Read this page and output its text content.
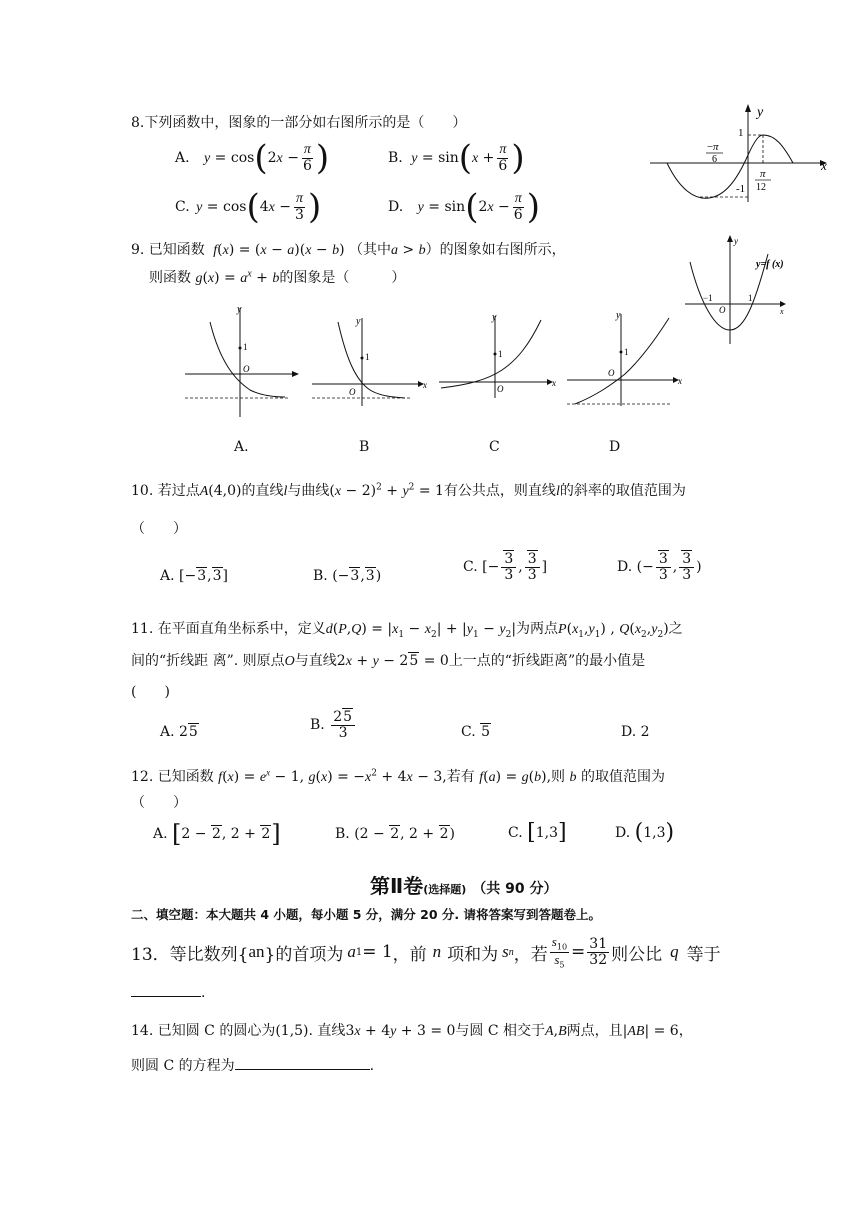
8.下列函数中，图象的一部分如右图所示的是（　　）
A. $y = \cos(2x - \frac{\pi}{6}$ )	B. $y = \sin(x + \frac{\pi}{6}$ )
C. $y = \cos(4x - \frac{\pi}{3}$ )	D. $y = \sin(2x - \frac{\pi}{6}$ )
x
y
1
-1
− π
6
π
12
9. 已知函数 f(x) = (x − a)(x − b) （其中a > b）的图象如右图所示，
则函数 $g(x) = a^x + b$的图象是（　　　）
y=f (x)
−1	1
O
y
x
y
1
O
x
y
1
O
x
y
1
O
x
y
1
O
A.	B	C	D
10. 若过点A(4,0)的直线l与曲线$(x - 2)^2 + y^2 = 1$有公共点，则直线l的斜率的取值范围为
（　　）
A. [−3,3]	B. (−3,3)
C. [− $\frac{3}{3}$ , $\frac{3}{3}$ ]	D. (− $\frac{3}{3}$ , $\frac{3}{3}$ )
11. 在平面直角坐标系中，定义$d(P,Q) = |x_1 - x_2| + |y_1 - y_2|$为两点$P(x_1,y_1)$ , $Q(x_2,y_2)$之
间的“折线距 离”. 则原点O与直线2x + y − 25 = 0上一点的“折线距离”的最小值是
(　　)
A. 25	B. $\frac{25}{3}$	C. 5	D. 2
12. 已知函数 $f(x) = e^x - 1$, $g(x) = -x^2 + 4x - 3$,若有 f(a) = g(b),则 b 的取值范围为
（　　）
A. [2 − 2, 2 + 2]	B. (2 − 2, 2 + 2)	C. [1,3]	D. (1,3)
第Ⅱ卷(选择题) （共 90 分）
二、填空题：本大题共 4 小题，每小题 5 分，满分 20 分. 请将答案写到答题卷上。
13．等比数列{ an }的首项为 a 1 = 1 ，前 n 项和为 s n ，若 $\frac{s_{10}}{s_5} = \frac{31}{32}$ 则公比 q 等于
.
14. 已知圆 C 的圆心为(1,5). 直线3x + 4y + 3 = 0与圆 C 相交于A,B两点，且|AB| = 6，
则圆 C 的方程为	.
